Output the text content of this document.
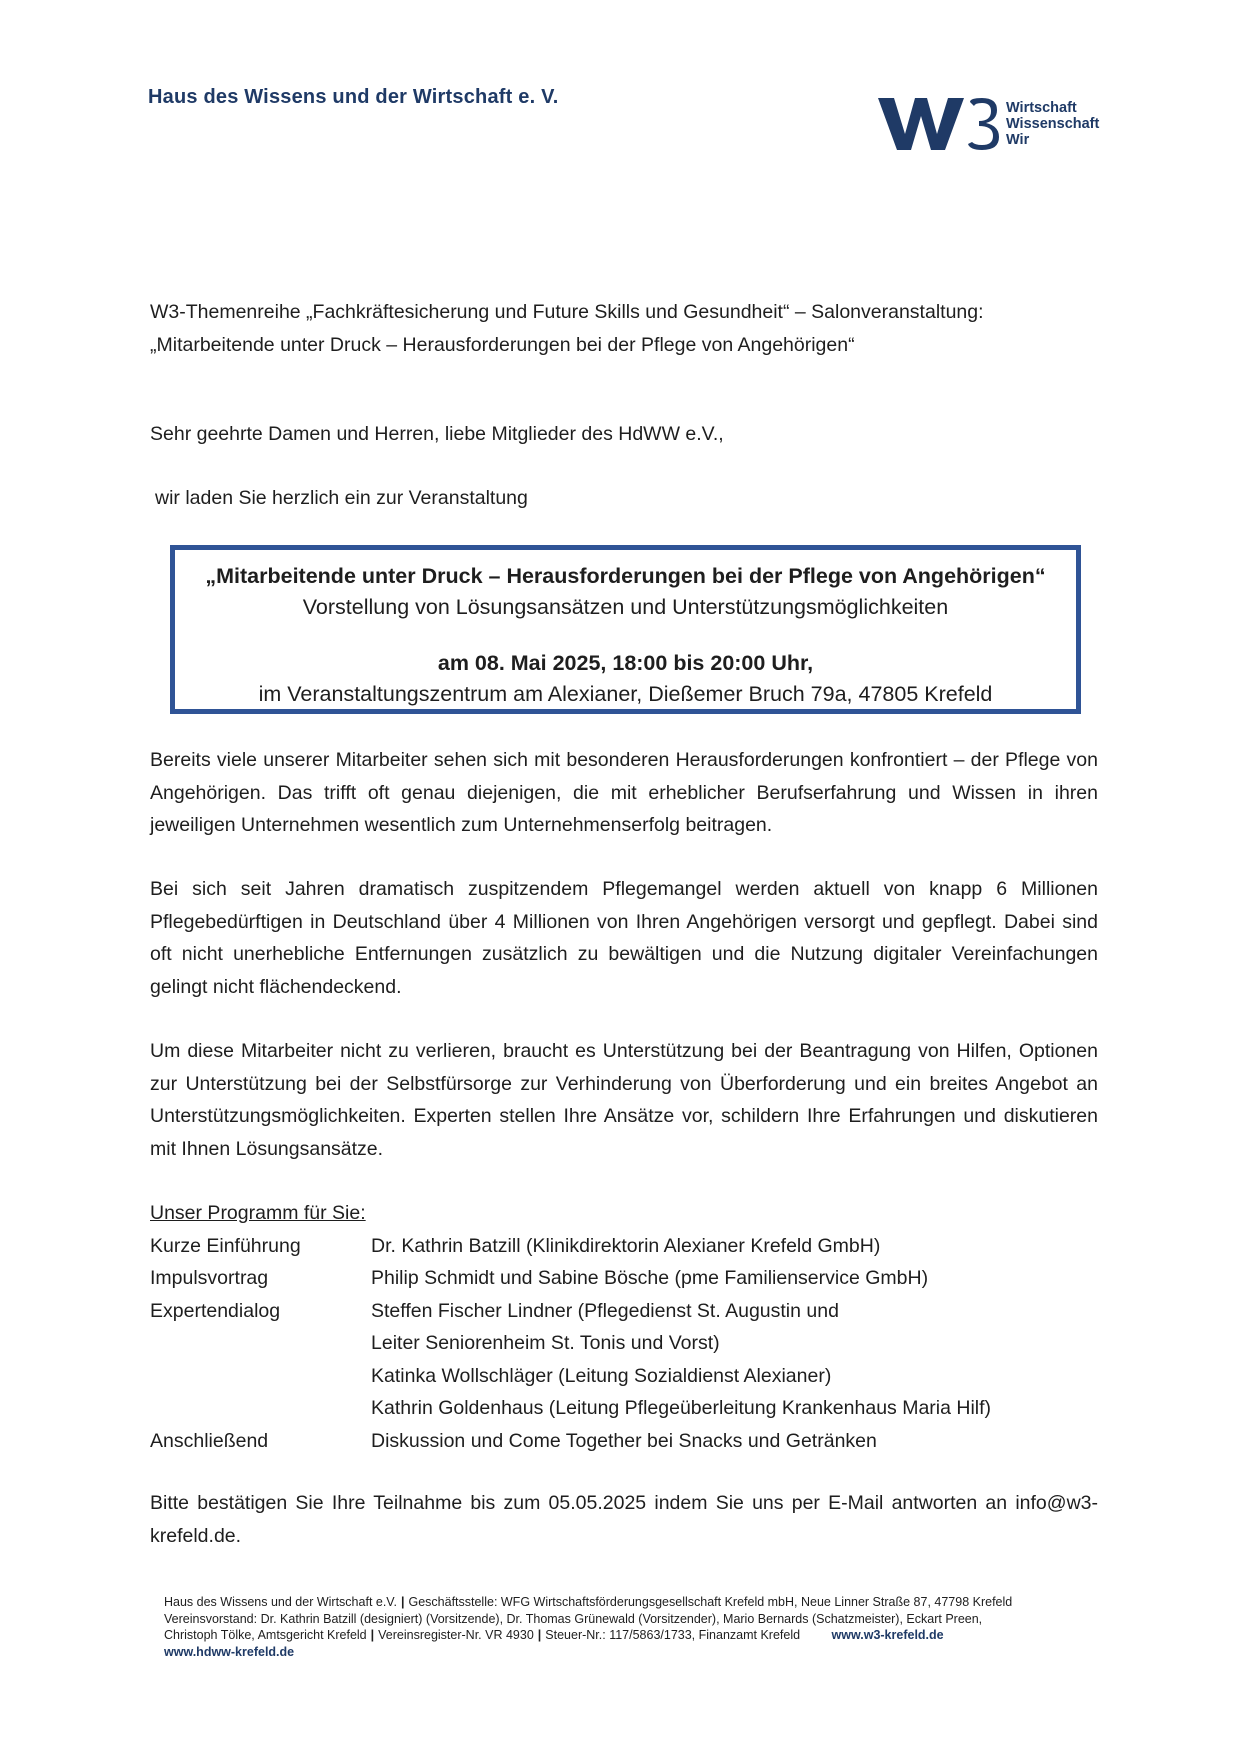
Haus des Wissens und der Wirtschaft e. V.	Wirtschaft
Wissenschaft
Wir
W3-Themenreihe „Fachkräftesicherung und Future Skills und Gesundheit“ – Salonveranstaltung:
„Mitarbeitende unter Druck – Herausforderungen bei der Pflege von Angehörigen“
Sehr geehrte Damen und Herren, liebe Mitglieder des HdWW e.V.,
wir laden Sie herzlich ein zur Veranstaltung
„Mitarbeitende unter Druck – Herausforderungen bei der Pflege von Angehörigen“
Vorstellung von Lösungsansätzen und Unterstützungsmöglichkeiten
am 08. Mai 2025, 18:00 bis 20:00 Uhr,
im Veranstaltungszentrum am Alexianer, Dießemer Bruch 79a, 47805 Krefeld
Bereits viele unserer Mitarbeiter sehen sich mit besonderen Herausforderungen konfrontiert – der Pflege von Angehörigen. Das trifft oft genau diejenigen, die mit erheblicher Berufserfahrung und Wissen in ihren jeweiligen Unternehmen wesentlich zum Unternehmenserfolg beitragen.
Bei sich seit Jahren dramatisch zuspitzendem Pflegemangel werden aktuell von knapp 6 Millionen Pflegebedürftigen in Deutschland über 4 Millionen von Ihren Angehörigen versorgt und gepflegt. Dabei sind oft nicht unerhebliche Entfernungen zusätzlich zu bewältigen und die Nutzung digitaler Vereinfachungen gelingt nicht flächendeckend.
Um diese Mitarbeiter nicht zu verlieren, braucht es Unterstützung bei der Beantragung von Hilfen, Optionen zur Unterstützung bei der Selbstfürsorge zur Verhinderung von Überforderung und ein breites Angebot an Unterstützungsmöglichkeiten. Experten stellen Ihre Ansätze vor, schildern Ihre Erfahrungen und diskutieren mit Ihnen Lösungsansätze.
Unser Programm für Sie:
Kurze Einführung	Dr. Kathrin Batzill (Klinikdirektorin Alexianer Krefeld GmbH)
Impulsvortrag	Philip Schmidt und Sabine Bösche (pme Familienservice GmbH)
Expertendialog	Steffen Fischer Lindner (Pflegedienst St. Augustin und
Leiter Seniorenheim St. Tonis und Vorst)
Katinka Wollschläger (Leitung Sozialdienst Alexianer)
Kathrin Goldenhaus (Leitung Pflegeüberleitung Krankenhaus Maria Hilf)
Anschließend	Diskussion und Come Together bei Snacks und Getränken
Bitte bestätigen Sie Ihre Teilnahme bis zum 05.05.2025 indem Sie uns per E-Mail antworten an info@w3-krefeld.de.
Haus des Wissens und der Wirtschaft e.V. | Geschäftsstelle: WFG Wirtschaftsförderungsgesellschaft Krefeld mbH, Neue Linner Straße 87, 47798 Krefeld
Vereinsvorstand: Dr. Kathrin Batzill (designiert) (Vorsitzende), Dr. Thomas Grünewald (Vorsitzender), Mario Bernards (Schatzmeister), Eckart Preen,
Christoph Tölke, Amtsgericht Krefeld | Vereinsregister-Nr. VR 4930 | Steuer-Nr.: 117/5863/1733, Finanzamt Krefeld	www.w3-krefeld.de
www.hdww-krefeld.de
